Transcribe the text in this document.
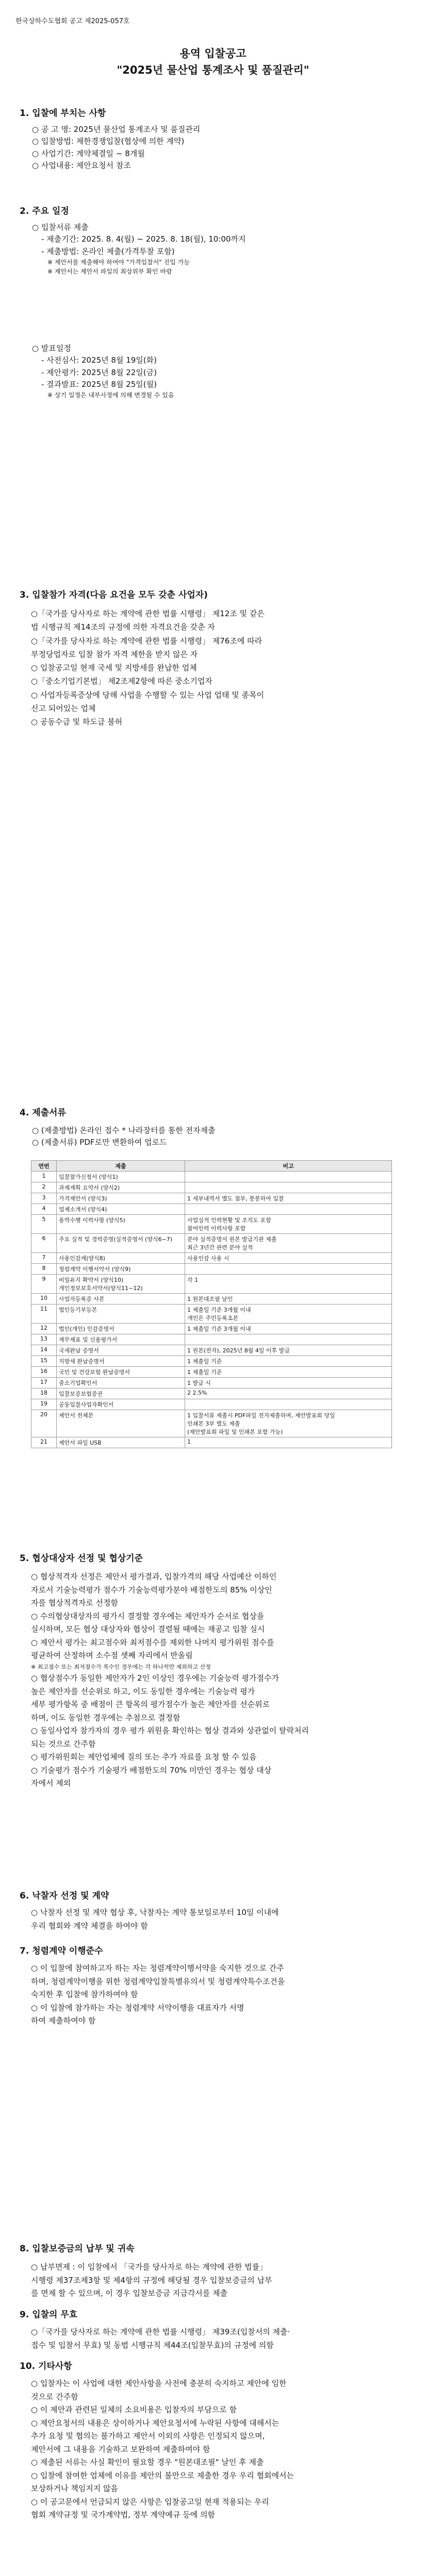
한국상하수도협회 공고 제2025-057호
용역 입찰공고
"2025년 물산업 통계조사 및 품질관리"
1. 입찰에 부치는 사항
○ 공 고 명: 2025년 물산업 통계조사 및 품질관리
○ 입찰방법: 제한경쟁입찰(협상에 의한 계약)
○ 사업기간: 계약체결일 ~ 8개월
○ 사업내용: 제안요청서 참조
2. 주요 일정
○ 입찰서류 제출
- 제출기간: 2025. 8. 4(월) ~ 2025. 8. 18(월), 10:00까지
- 제출방법: 온라인 제출(가격투찰 포함)
※ 제안서를 제출해야 하여야 "가격입찰서" 진입 가능
※ 제안서는 제안서 파일의 최상위부 확인 바람
○ 발표일정
- 사전심사: 2025년 8월 19일(화)
- 제안평가: 2025년 8월 22일(금)
- 결과발표: 2025년 8월 25일(월)
※ 상기 일정은 내부사정에 의해 변경될 수 있음
3. 입찰참가 자격(다음 요건을 모두 갖춘 사업자)
○「국가를 당사자로 하는 계약에 관한 법률 시행령」 제12조 및 같은
법 시행규칙 제14조의 규정에 의한 자격요건을 갖춘 자
○「국가를 당사자로 하는 계약에 관한 법률 시행령」 제76조에 따라
부정당업자로 입찰 참가 자격 제한을 받지 않은 자
○ 입찰공고일 현재 국세 및 지방세를 완납한 업체
○「중소기업기본법」 제2조제2항에 따른 중소기업자
○ 사업자등록증상에 당해 사업을 수행할 수 있는 사업 업태 및 종목이
신고 되어있는 업체
○ 공동수급 및 하도급 불허
4. 제출서류
○ (제출방법) 온라인 접수 * 나라장터를 통한 전자제출
○ (제출서류) PDF로만 변환하여 업로드
연번	제출	비고
1	입찰참가신청서 (양식1)	
2	과제계획 요약서 (양식2)	
3	가격제안서 (양식3)	1 세부내역서 별도 첨부, 봉봉하여 입찰
4	업체소개서 (양식4)	
5	용역수행 이력사항 (양식5)	사업실적 인력현황 및 조직도 포함
참여인력 이력사항 포함
6	주요 실적 및 경력증명(실적증명서 (양식6~7)	분야 실적증명서 원본 발급기관 제출
최근 3년간 관련 분야 실적
7	사용인감계(양식8)	사용인감 사용 시
8	청렴계약 이행서약서 (양식9)	
9	비밀유지 확약서 (양식10)
개인정보보호서약서(양식11~12)	각 1
10	사업자등록증 사본	1 원본대조필 날인
11	법인등기부등본	1 제출일 기준 3개월 이내
개인은 주민등록초본
12	법인(개인) 인감증명서	1 제출일 기준 3개월 이내
13	재무제표 및 신용평가서	
14	국세완납 증명서	1 원본(전자), 2025년 8월 4일 이후 발급
15	지방세 완납증명서	1 제출일 기준
16	국민 및 건강보험 완납증명서	1 제출일 기준
17	중소기업확인서	1 발급 시
18	입찰보증보험증권	2 2.5%
19	공동입찰사업자확인서	
20	제안서 전체본	1 입찰서류 제출시 PDF파일 전자제출하며, 제안발표회 당일
인쇄본 3부 별도 제출
(제안발표회 파일 및 인쇄본 포함 가능)
21	제안서 파일 USB	1
5. 협상대상자 선정 및 협상기준
○ 협상적격자 선정은 제안서 평가결과, 입찰가격의 해당 사업예산 이하인
자로서 기술능력평가 점수가 기술능력평가분야 배점한도의 85% 이상인
자를 협상적격자로 선정함
○ 수의협상대상자의 평가시 결정할 경우에는 제안자가 순서로 협상을
실시하며, 모든 협상 대상자와 협상이 결렬될 때에는 재공고 입찰 실시
○ 제안서 평가는 최고점수와 최저점수를 제외한 나머지 평가위원 점수를
평균하여 산정하며 소수점 셋째 자리에서 반올림
※ 최고점수 또는 최저점수가 복수인 경우에는 각 하나씩만 제외하고 산정
○ 협상점수가 동일한 제안자가 2인 이상인 경우에는 기술능력 평가점수가
높은 제안자를 선순위로 하고, 이도 동일한 경우에는 기술능력 평가
세부 평가항목 중 배점이 큰 항목의 평가점수가 높은 제안자를 선순위로
하며, 이도 동일한 경우에는 추첨으로 결정함
○ 동일사업자 참가자의 경우 평가 위원을 확인하는 협상 결과와 상관없이 탈락처리
되는 것으로 간주함
○ 평가위원회는 제안업체에 질의 또는 추가 자료를 요청 할 수 있음
○ 기술평가 점수가 기술평가 배점한도의 70% 미만인 경우는 협상 대상
자에서 제외
6. 낙찰자 선정 및 계약
○ 낙찰자 선정 및 계약 협상 후, 낙찰자는 계약 통보일로부터 10일 이내에
우리 협회와 계약 체결을 하여야 함
7. 청렴계약 이행준수
○ 이 입찰에 참여하고자 하는 자는 청렴계약이행서약을 숙지한 것으로 간주
하며, 청렴계약이행을 위한 청렴계약입찰특별유의서 및 청렴계약특수조건을
숙지한 후 입찰에 참가하여야 함
○ 이 입찰에 참가하는 자는 청렴계약 서약이행을 대표자가 서명
하여 제출하여야 함
8. 입찰보증금의 납부 및 귀속
○ 납부면제 : 이 입찰에서 「국가를 당사자로 하는 계약에 관한 법률」
시행령 제37조제3항 및 제4항의 규정에 해당될 경우 입찰보증금의 납부
를 면제 할 수 있으며, 이 경우 입찰보증금 지급각서를 제출
9. 입찰의 무효
○「국가를 당사자로 하는 계약에 관한 법률 시행령」 제39조(입찰서의 제출·
접수 및 입찰서 무효) 및 동법 시행규칙 제44조(입찰무효)의 규정에 의함
10. 기타사항
○ 입찰자는 이 사업에 대한 제안사항을 사전에 충분히 숙지하고 제안에 임한
것으로 간주함
○ 이 제안과 관련된 일체의 소요비용은 입찰자의 부담으로 함
○ 제안요청서의 내용은 상이하거나 제안요청서에 누락된 사항에 대해서는
추가 요청 및 협의는 불가하고 제안서 이외의 사항은 인정되지 않으며,
제안서에 그 내용을 기술하고 보완하여 제출하여야 함
○ 제출된 서류는 사실 확인이 필요할 경우 "원본대조필" 날인 후 제출
○ 입찰에 참여한 업체에 이유를 제안의 불만으로 제출한 경우 우리 협회에서는
보상하거나 책임지지 않음
○ 이 공고문에서 언급되지 않은 사항은 입찰공고일 현재 적용되는 우리
협회 계약규정 및 국가계약법, 정부 계약예규 등에 의함
